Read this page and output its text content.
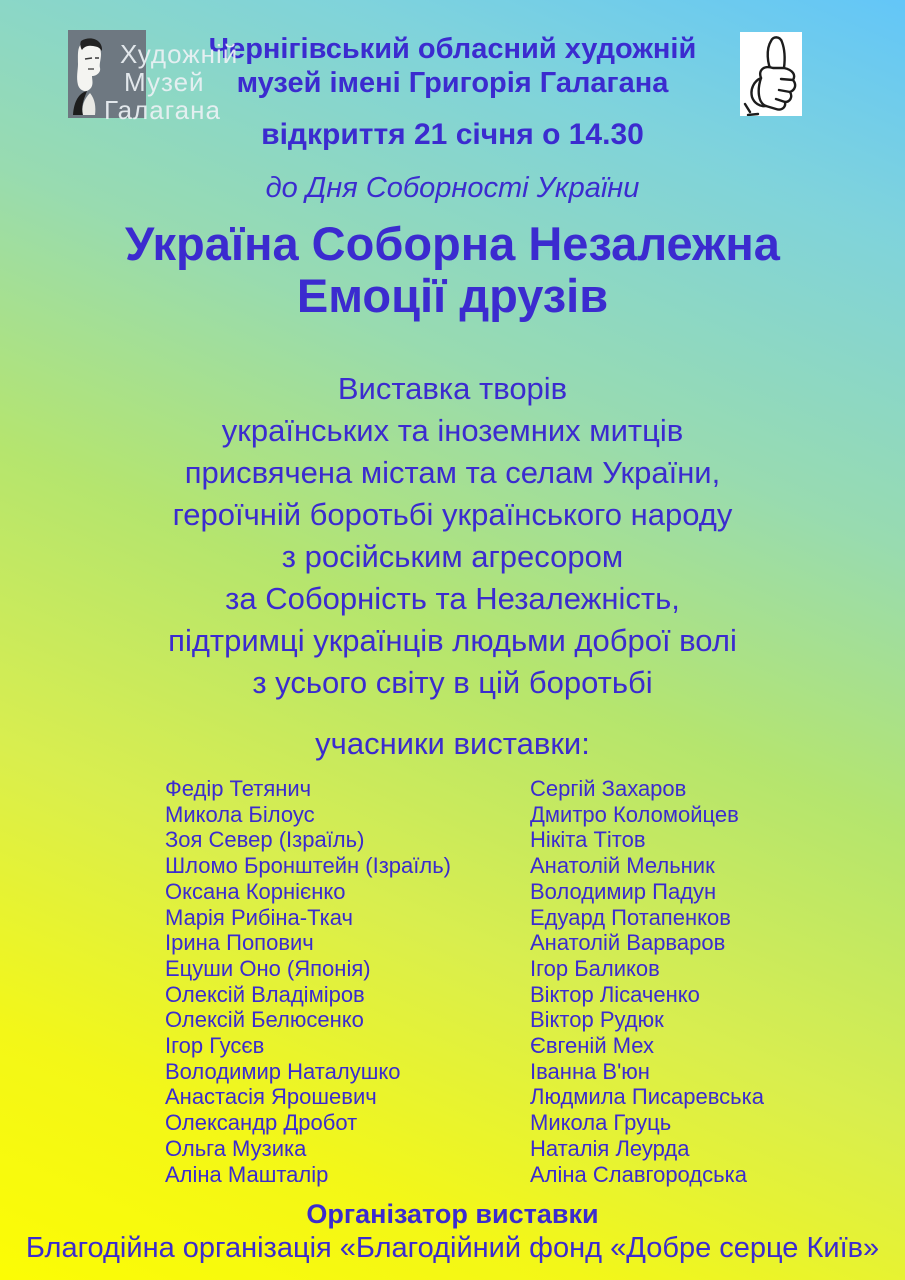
Художній
Музей
Галагана
Чернігівський обласний художній
музей імені Григорія Галагана
відкриття 21 січня о 14.30
до Дня Соборності України
Україна Соборна Незалежна
Емоції друзів
Виставка творів
українських та іноземних митців
присвячена містам та селам України,
героїчній боротьбі українського народу
з російським агресором
за Соборність та Незалежність,
підтримці українців людьми доброї волі
з усього світу в цій боротьбі
учасники виставки:
Федір Тетянич
Микола Білоус
Зоя Север (Ізраїль)
Шломо Бронштейн (Ізраїль)
Оксана Корнієнко
Марія Рибіна-Ткач
Ірина Попович
Ецуши Оно (Японія)
Олексій Владіміров
Олексій Белюсенко
Ігор Гусєв
Володимир Наталушко
Анастасія Ярошевич
Олександр Дробот
Ольга Музика
Аліна Машталір
Сергій Захаров
Дмитро Коломойцев
Нікіта Тітов
Анатолій Мельник
Володимир Падун
Едуард Потапенков
Анатолій Варваров
Ігор Баликов
Віктор Лісаченко
Віктор Рудюк
Євгеній Мех
Іванна В'юн
Людмила Писаревська
Микола Груць
Наталія Леурда
Аліна Славгородська
Організатор виставки
Благодійна організація «Благодійний фонд «Добре серце Київ»
